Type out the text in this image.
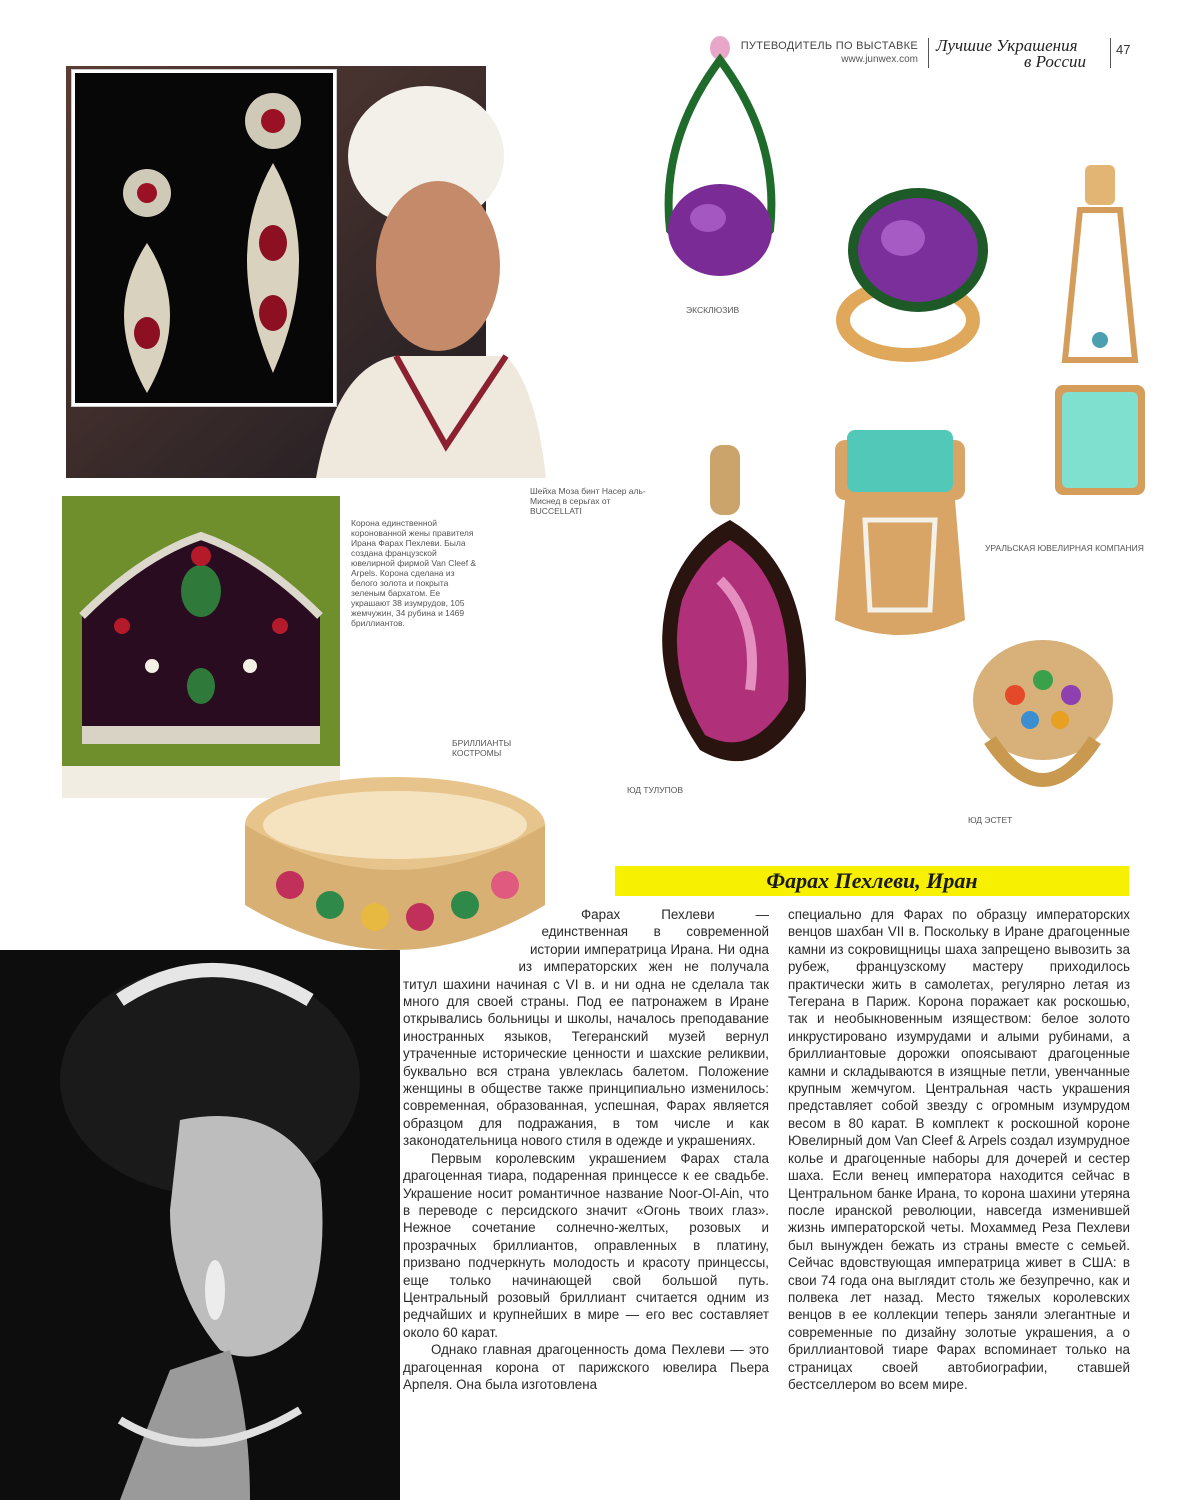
ПУТЕВОДИТЕЛЬ ПО ВЫСТАВКЕ
www.junwex.com
Лучшие Украшения
в России
47
ЭКСКЛЮЗИВ
Шейха Моза бинт Насер аль-Миснед в серьгах от BUCCELLATI
УРАЛЬСКАЯ ЮВЕЛИРНАЯ КОМПАНИЯ
Корона единственной коронованной жены правителя Ирана Фарах Пехлеви. Была создана французской ювелирной фирмой Van Cleef & Arpels. Корона сделана из белого золота и покрыта зеленым бархатом. Ее украшают 38 изумрудов, 105 жемчужин, 34 рубина и 1469 бриллиантов.
БРИЛЛИАНТЫ КОСТРОМЫ
ЮД ТУЛУПОВ
ЮД ЭСТЕТ
Фарах Пехлеви, Иран

Фарах Пехлеви — единственная в современной истории императрица Ирана. Ни одна из императорских жен не получала титул шахини начиная с VI в. и ни одна не сделала так много для своей страны. Под ее патронажем в Иране открывались больницы и школы, началось преподавание иностранных языков, Тегеранский музей вернул утраченные исторические ценности и шахские реликвии, буквально вся страна увлеклась балетом. Положение женщины в обществе также принципиально изменилось: современная, образованная, успешная, Фарах является образцом для подражания, в том числе и как законодательница нового стиля в одежде и украшениях.

Первым королевским украшением Фарах стала драгоценная тиара, подаренная принцессе к ее свадьбе. Украшение носит романтичное название Noor-Ol-Ain, что в переводе с персидского значит «Огонь твоих глаз». Нежное сочетание солнечно-желтых, розовых и прозрачных бриллиантов, оправленных в платину, призвано подчеркнуть молодость и красоту принцессы, еще только начинающей свой большой путь. Центральный розовый бриллиант считается одним из редчайших и крупнейших в мире — его вес составляет около 60 карат.

Однако главная драгоценность дома Пехлеви — это драгоценная корона от парижского ювелира Пьера Арпеля. Она была изготовлена

специально для Фарах по образцу императорских венцов шахбан VII в. Поскольку в Иране драгоценные камни из сокровищницы шаха запрещено вывозить за рубеж, французскому мастеру приходилось практически жить в самолетах, регулярно летая из Тегерана в Париж. Корона поражает как роскошью, так и необыкновенным изяществом: белое золото инкрустировано изумрудами и алыми рубинами, а бриллиантовые дорожки опоясывают драгоценные камни и складываются в изящные петли, увенчанные крупным жемчугом. Центральная часть украшения представляет собой звезду с огромным изумрудом весом в 80 карат. В комплект к роскошной короне Ювелирный дом Van Cleef & Arpels создал изумрудное колье и драгоценные наборы для дочерей и сестер шаха. Если венец императора находится сейчас в Центральном банке Ирана, то корона шахини утеряна после иранской революции, навсегда изменившей жизнь императорской четы. Мохаммед Реза Пехлеви был вынужден бежать из страны вместе с семьей. Сейчас вдовствующая императрица живет в США: в свои 74 года она выглядит столь же безупречно, как и полвека лет назад. Место тяжелых королевских венцов в ее коллекции теперь заняли элегантные и современные по дизайну золотые украшения, а о бриллиантовой тиаре Фарах вспоминает только на страницах своей автобиографии, ставшей бестселлером во всем мире.
